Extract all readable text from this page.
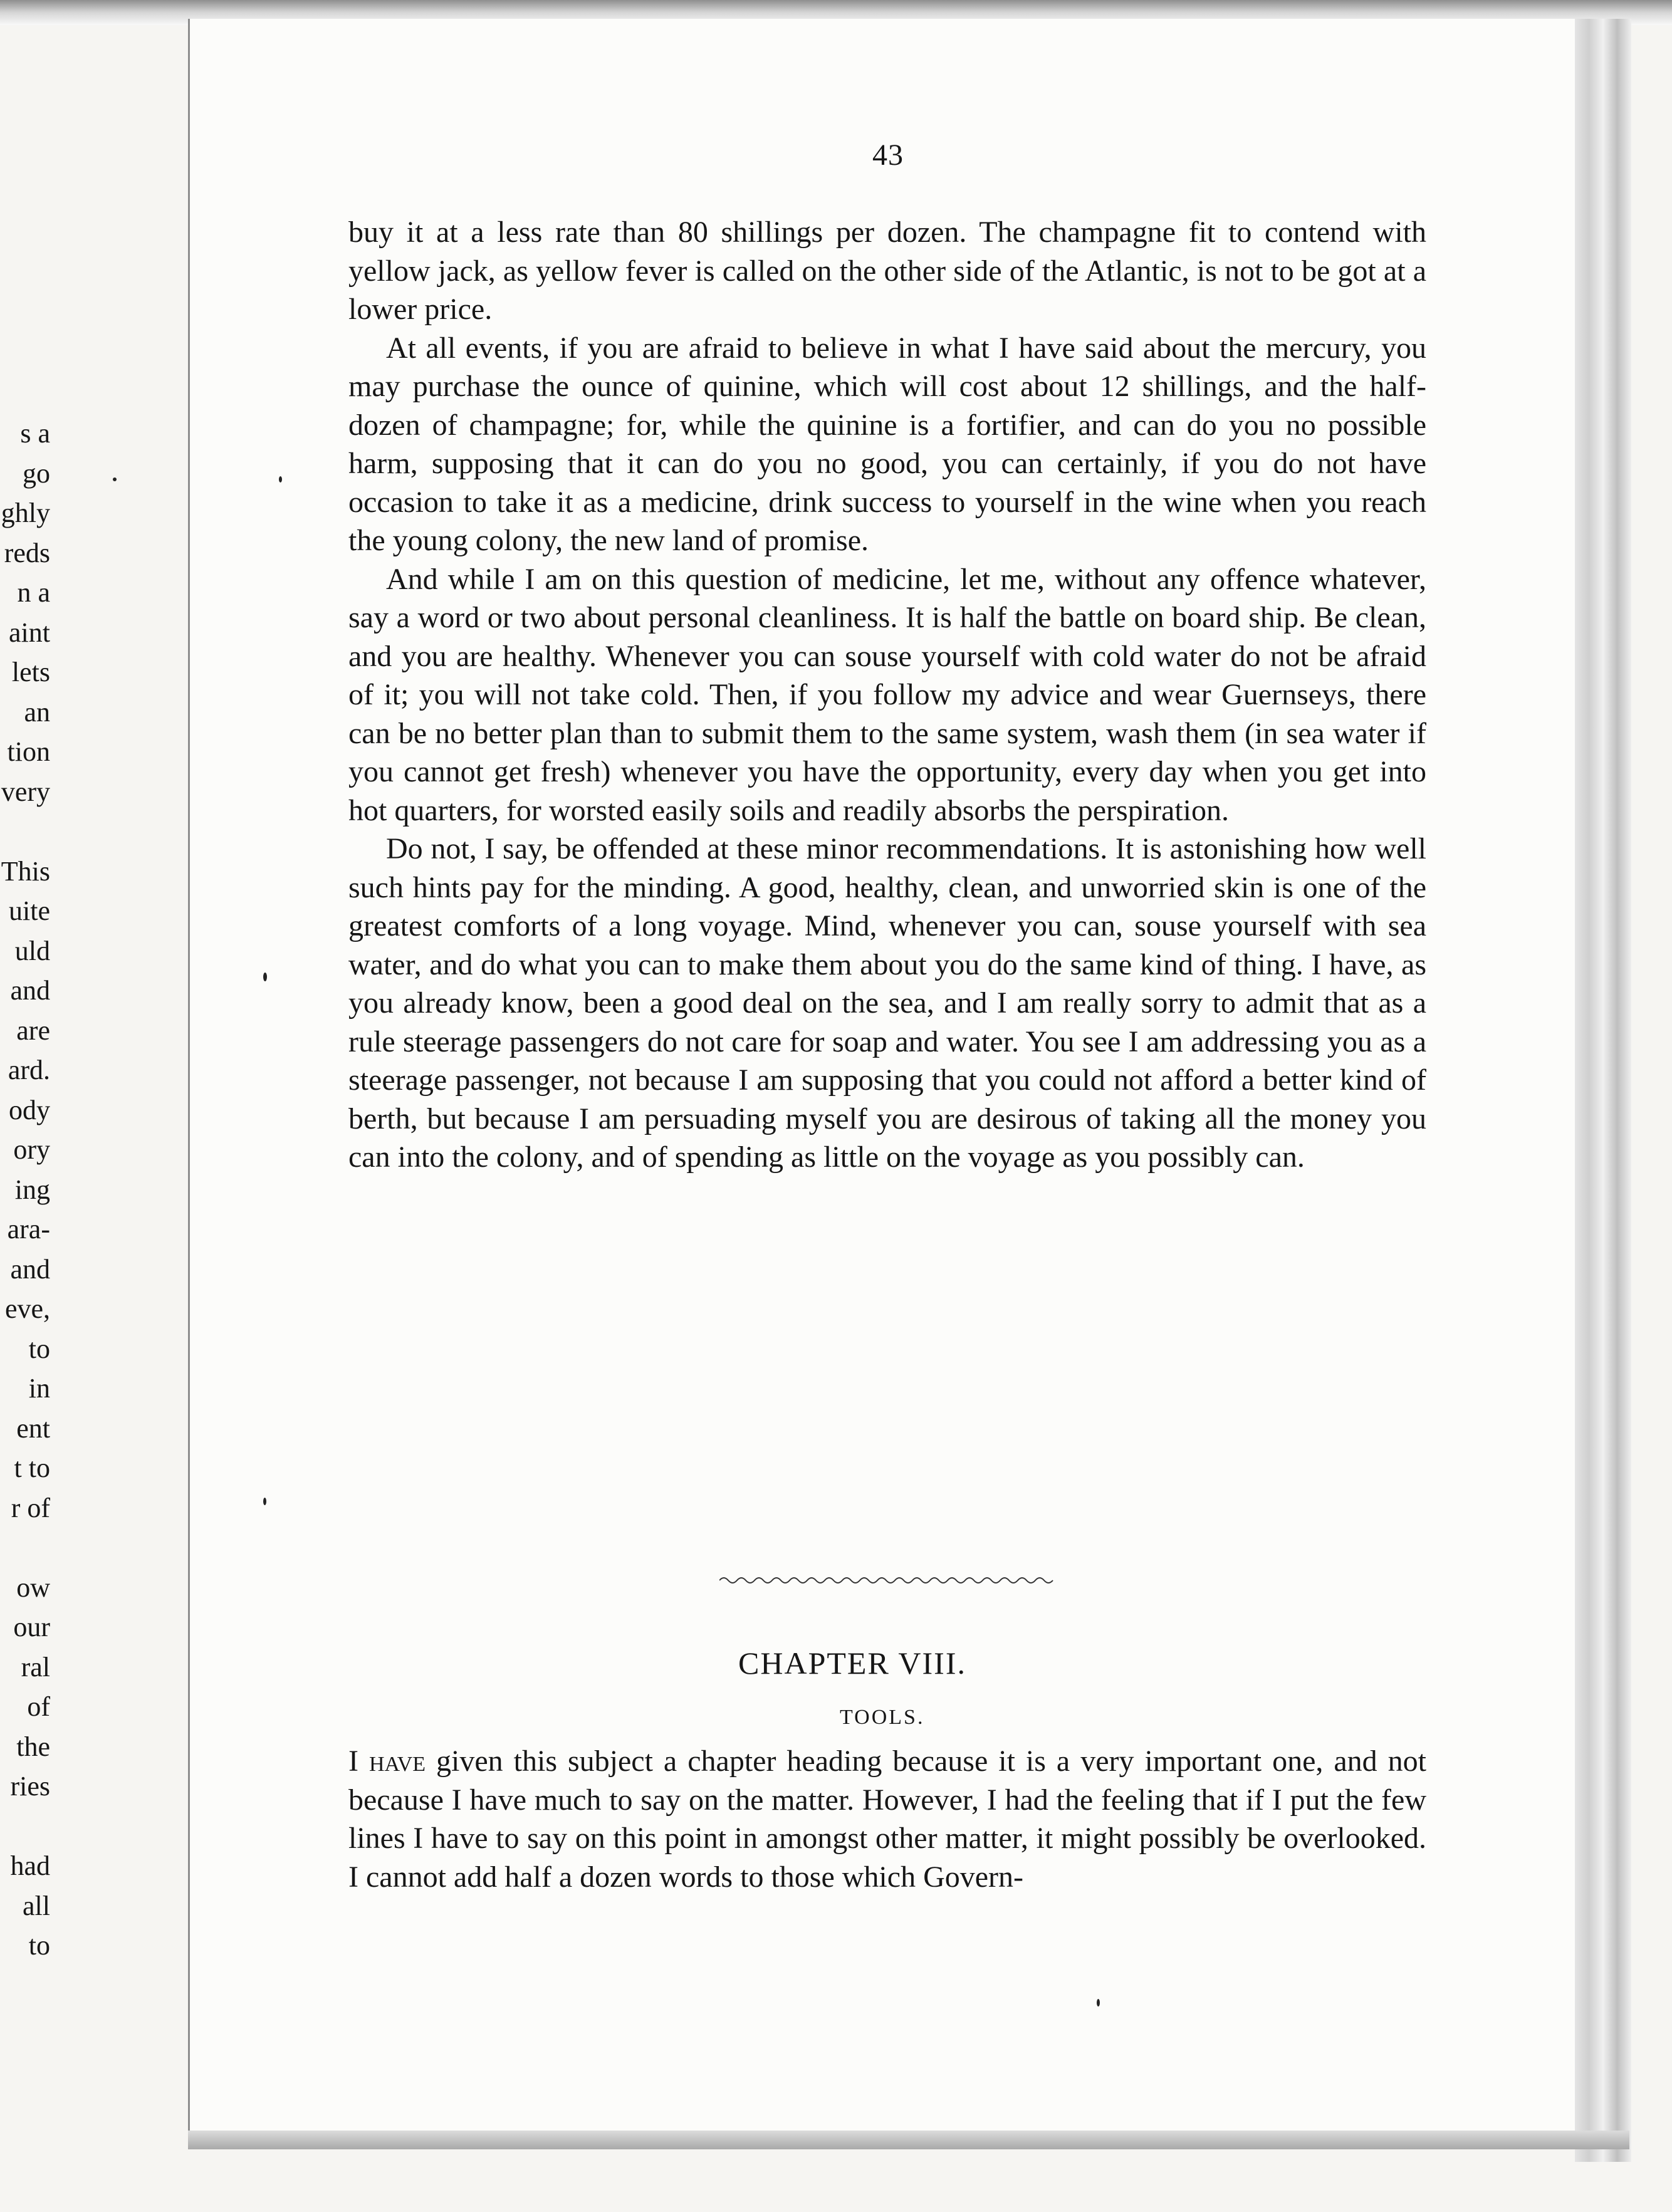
s a
go
ghly
reds
n a
aint
lets
an
tion
very

This
uite
uld
and
are
ard.
ody
ory
ing
ara-
and
eve,
to
in
ent
t to
r of

ow
our
ral
of
the
ries

had
all
to
43

buy it at a less rate than 80 shillings per dozen. The champagne fit to contend with yellow jack, as yellow fever is called on the other side of the Atlantic, is not to be got at a lower price.

At all events, if you are afraid to believe in what I have said about the mercury, you may purchase the ounce of quinine, which will cost about 12 shillings, and the half-dozen of champagne; for, while the quinine is a fortifier, and can do you no possible harm, supposing that it can do you no good, you can certainly, if you do not have occasion to take it as a medicine, drink success to yourself in the wine when you reach the young colony, the new land of promise.

And while I am on this question of medicine, let me, without any offence whatever, say a word or two about personal cleanliness. It is half the battle on board ship. Be clean, and you are healthy. Whenever you can souse yourself with cold water do not be afraid of it; you will not take cold. Then, if you follow my advice and wear Guernseys, there can be no better plan than to submit them to the same system, wash them (in sea water if you cannot get fresh) whenever you have the opportunity, every day when you get into hot quarters, for worsted easily soils and readily absorbs the perspiration.

Do not, I say, be offended at these minor recommendations. It is astonishing how well such hints pay for the minding. A good, healthy, clean, and unworried skin is one of the greatest comforts of a long voyage. Mind, whenever you can, souse yourself with sea water, and do what you can to make them about you do the same kind of thing. I have, as you already know, been a good deal on the sea, and I am really sorry to admit that as a rule steerage passengers do not care for soap and water. You see I am addressing you as a steerage passenger, not because I am supposing that you could not afford a better kind of berth, but because I am persuading myself you are desirous of taking all the money you can into the colony, and of spending as little on the voyage as you possibly can.

CHAPTER VIII.
TOOLS.

I have given this subject a chapter heading because it is a very important one, and not because I have much to say on the matter. However, I had the feeling that if I put the few lines I have to say on this point in amongst other matter, it might possibly be overlooked. I cannot add half a dozen words to those which Govern-
